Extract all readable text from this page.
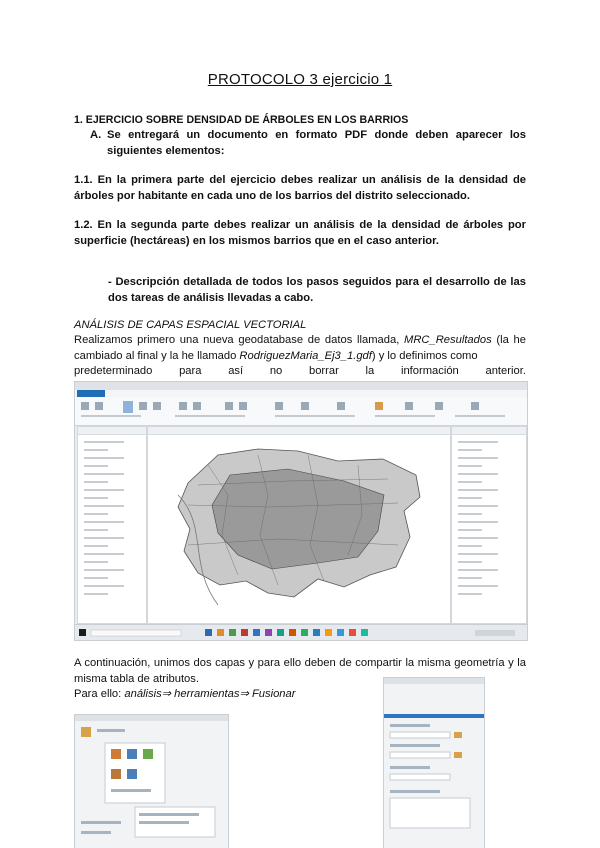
PROTOCOLO 3 ejercicio 1
1. EJERCICIO SOBRE DENSIDAD DE ÁRBOLES EN LOS BARRIOS
A. Se entregará un documento en formato PDF donde deben aparecer los siguientes elementos:
1.1. En la primera parte del ejercicio debes realizar un análisis de la densidad de árboles por habitante en cada uno de los barrios del distrito seleccionado.
1.2. En la segunda parte debes realizar un análisis de la densidad de árboles por superficie (hectáreas) en los mismos barrios que en el caso anterior.
- Descripción detallada de todos los pasos seguidos para el desarrollo de las dos tareas de análisis llevadas a cabo.
ANÁLISIS DE CAPAS ESPACIAL VECTORIAL
Realizamos primero una nueva geodatabase de datos llamada, MRC_Resultados (la he cambiado al final y la he llamado RodriguezMaria_Ej3_1.gdf) y lo definimos como
predeterminado para así no borrar la información anterior.
A continuación, unimos dos capas y para ello deben de compartir la misma geometría y la misma tabla de atributos.
Para ello: análisis⇒ herramientas⇒ Fusionar
